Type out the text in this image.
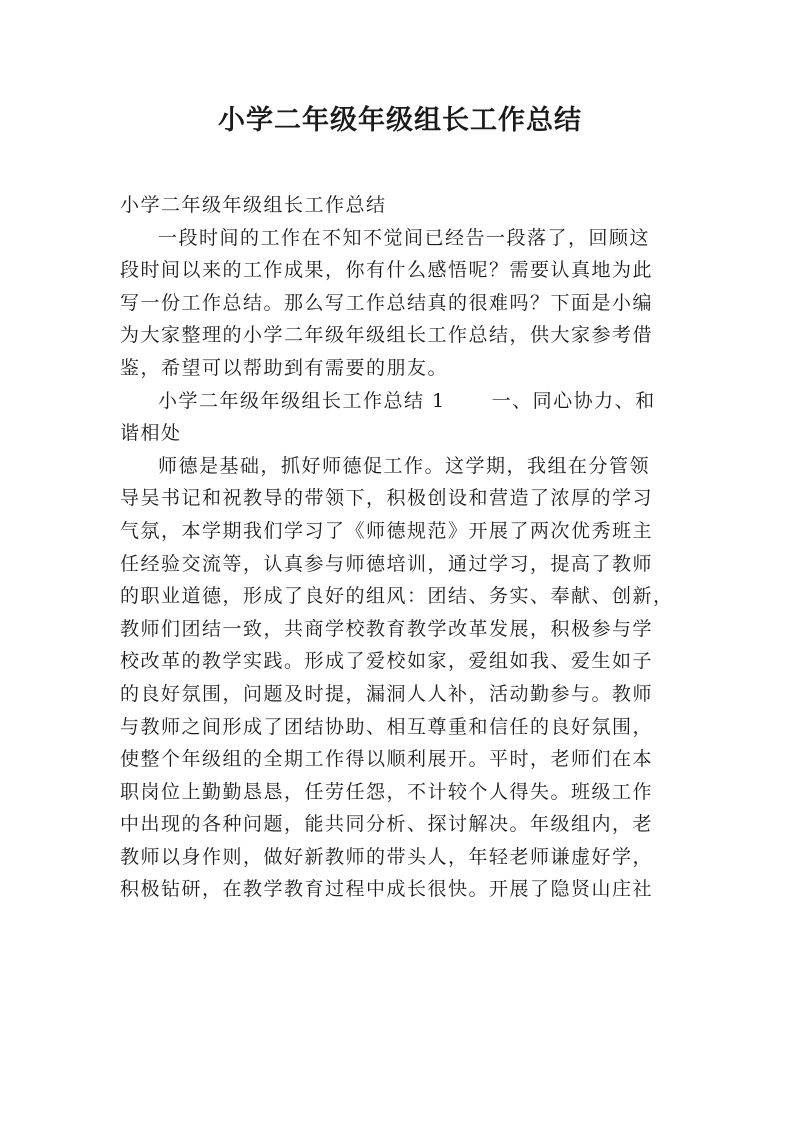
小学二年级年级组长工作总结
小学二年级年级组长工作总结
一段时间的工作在不知不觉间已经告一段落了，回顾这
段时间以来的工作成果，你有什么感悟呢？需要认真地为此
写一份工作总结。那么写工作总结真的很难吗？下面是小编
为大家整理的小学二年级年级组长工作总结，供大家参考借
鉴，希望可以帮助到有需要的朋友。
小学二年级年级组长工作总结 1 一、同心协力、和
谐相处
师德是基础，抓好师德促工作。这学期，我组在分管领
导吴书记和祝教导的带领下，积极创设和营造了浓厚的学习
气氛，本学期我们学习了《师德规范》开展了两次优秀班主
任经验交流等，认真参与师德培训，通过学习，提高了教师
的职业道德，形成了良好的组风：团结、务实、奉献、创新，
教师们团结一致，共商学校教育教学改革发展，积极参与学
校改革的教学实践。形成了爱校如家，爱组如我、爱生如子
的良好氛围，问题及时提，漏洞人人补，活动勤参与。教师
与教师之间形成了团结协助、相互尊重和信任的良好氛围，
使整个年级组的全期工作得以顺利展开。平时，老师们在本
职岗位上勤勤恳恳，任劳任怨，不计较个人得失。班级工作
中出现的各种问题，能共同分析、探讨解决。年级组内，老
教师以身作则，做好新教师的带头人，年轻老师谦虚好学，
积极钻研，在教学教育过程中成长很快。开展了隐贤山庄社
